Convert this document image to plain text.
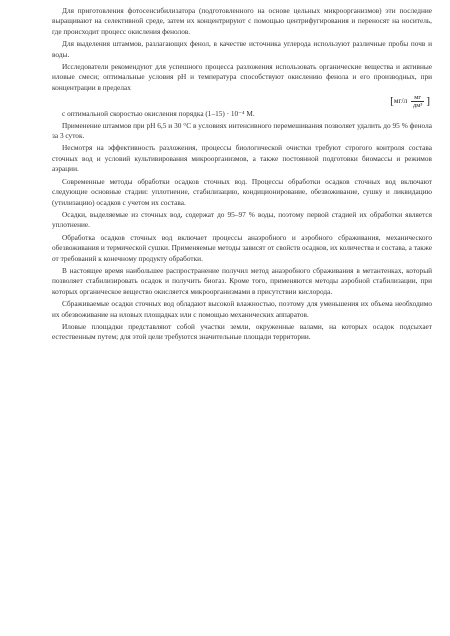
Для приготовления фотосенсибилизатора (подготовленного на основе цельных микроорганизмов) эти последние выращивают на селективной среде, затем их концентрируют с помощью центрифугирования и переносят на носитель, где происходит процесс окисления фенолов.

Для выделения штаммов, разлагающих фенол, в качестве источника углерода используют различные пробы почв и воды.

Исследователи рекомендуют для успешного процесса разложения использовать органические вещества и активные иловые смеси; оптимальные условия рН и температура способствуют окислению фенола и его производных, при концентрации в пределах

[$мг/л \frac{мг}{\text{дм³}}$ ]

с оптимальной скоростью окисления порядка (1–15) · 10⁻⁴ М.

Применение штаммов при рН 6,5 и 30 °С в условиях интенсивного перемешивания позволяет удалить до 95 % фенола за 3 суток.

Несмотря на эффективность разложения, процессы биологической очистки требуют строгого контроля состава сточных вод и условий культивирования микроорганизмов, а также постоянной подготовки биомассы и режимов аэрации.

Современные методы обработки осадков сточных вод. Процессы обработки осадков сточных вод включают следующие основные стадии: уплотнение, стабилизацию, кондиционирование, обезвоживание, сушку и ликвидацию (утилизацию) осадков с учетом их состава.

Осадки, выделяемые из сточных вод, содержат до 95–97 % воды, поэтому первой стадией их обработки является уплотнение.

Обработка осадков сточных вод включает процессы анаэробного и аэробного сбраживания, механического обезвоживания и термической сушки. Применяемые методы зависят от свойств осадков, их количества и состава, а также от требований к конечному продукту обработки.

В настоящее время наибольшее распространение получил метод анаэробного сбраживания в метантенках, который позволяет стабилизировать осадок и получить биогаз. Кроме того, применяются методы аэробной стабилизации, при которых органическое вещество окисляется микроорганизмами в присутствии кислорода.

Сбраживаемые осадки сточных вод обладают высокой влажностью, поэтому для уменьшения их объема необходимо их обезвоживание на иловых площадках или с помощью механических аппаратов.

Иловые площадки представляют собой участки земли, окруженные валами, на которых осадок подсыхает естественным путем; для этой цели требуются значительные площади территории.
